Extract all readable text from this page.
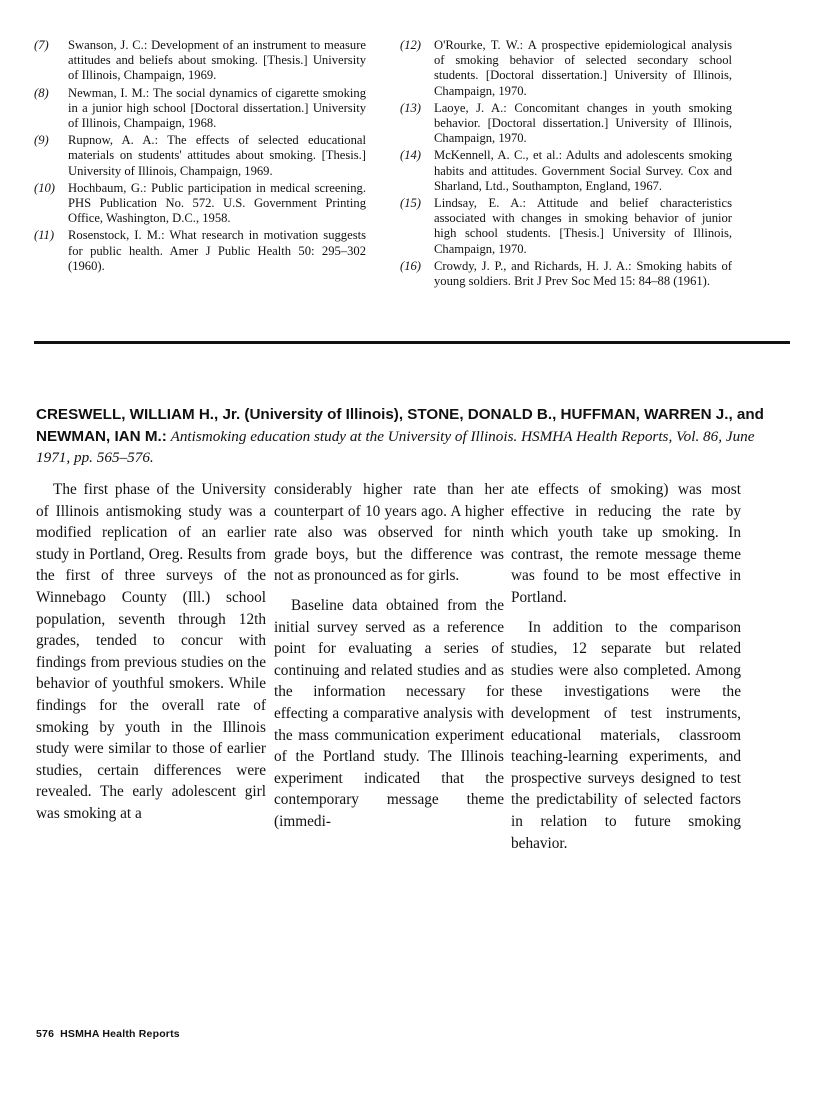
(7)	Swanson, J. C.: Development of an instrument to measure attitudes and beliefs about smoking. [Thesis.] University of Illinois, Champaign, 1969.
(8)	Newman, I. M.: The social dynamics of cigarette smoking in a junior high school [Doctoral dissertation.] University of Illinois, Champaign, 1968.
(9)	Rupnow, A. A.: The effects of selected educational materials on students' attitudes about smoking. [Thesis.] University of Illinois, Champaign, 1969.
(10)	Hochbaum, G.: Public participation in medical screening. PHS Publication No. 572. U.S. Government Printing Office, Washington, D.C., 1958.
(11)	Rosenstock, I. M.: What research in motivation suggests for public health. Amer J Public Health 50: 295–302 (1960).
(12)	O'Rourke, T. W.: A prospective epidemiological analysis of smoking behavior of selected secondary school students. [Doctoral dissertation.] University of Illinois, Champaign, 1970.
(13)	Laoye, J. A.: Concomitant changes in youth smoking behavior. [Doctoral dissertation.] University of Illinois, Champaign, 1970.
(14)	McKennell, A. C., et al.: Adults and adolescents smoking habits and attitudes. Government Social Survey. Cox and Sharland, Ltd., Southampton, England, 1967.
(15)	Lindsay, E. A.: Attitude and belief characteristics associated with changes in smoking behavior of junior high school students. [Thesis.] University of Illinois, Champaign, 1970.
(16)	Crowdy, J. P., and Richards, H. J. A.: Smoking habits of young soldiers. Brit J Prev Soc Med 15: 84–88 (1961).
CRESWELL, WILLIAM H., Jr. (University of Illinois), STONE, DONALD B., HUFFMAN, WARREN J., and NEWMAN, IAN M.: Antismoking education study at the University of Illinois. HSMHA Health Reports, Vol. 86, June 1971, pp. 565–576.

The first phase of the University of Illinois antismoking study was a modified replication of an earlier study in Portland, Oreg. Results from the first of three surveys of the Winnebago County (Ill.) school population, seventh through 12th grades, tended to concur with findings from previous studies on the behavior of youthful smokers. While findings for the overall rate of smoking by youth in the Illinois study were similar to those of earlier studies, certain differences were revealed. The early adolescent girl was smoking at a

considerably higher rate than her counterpart of 10 years ago. A higher rate also was observed for ninth grade boys, but the difference was not as pronounced as for girls.

Baseline data obtained from the initial survey served as a reference point for evaluating a series of continuing and related studies and as the information necessary for effecting a comparative analysis with the mass communication experiment of the Portland study. The Illinois experiment indicated that the contemporary message theme (immedi-

ate effects of smoking) was most effective in reducing the rate by which youth take up smoking. In contrast, the remote message theme was found to be most effective in Portland.

In addition to the comparison studies, 12 separate but related studies were also completed. Among these investigations were the development of test instruments, educational materials, classroom teaching-learning experiments, and prospective surveys designed to test the predictability of selected factors in relation to future smoking behavior.

576 HSMHA Health Reports
